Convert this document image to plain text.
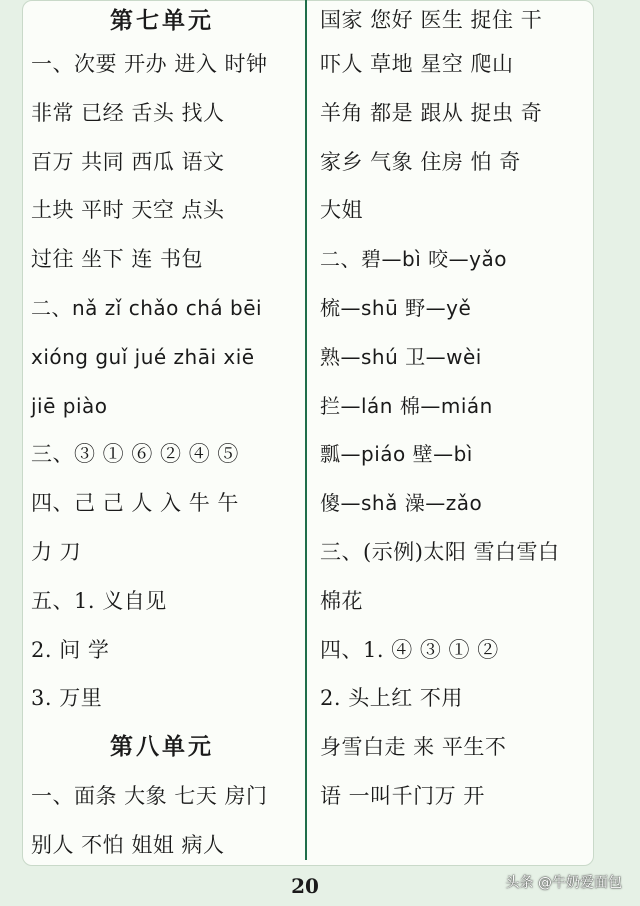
第七单元
一、次要 开办 进入 时钟
非常 已经 舌头 找人
百万 共同 西瓜 语文
土块 平时 天空 点头
过往 坐下 连 书包
二、nǎ zǐ chǎo chá bēi
xióng guǐ jué zhāi xiē
jiē piào
三、③ ① ⑥ ② ④ ⑤
四、己 己 人 入 牛 午
力 刀
五、1. 义自见
2. 问 学
3. 万里
第八单元
一、面条 大象 七天 房门
别人 不怕 姐姐 病人
国家 您好 医生 捉住 干
吓人 草地 星空 爬山
羊角 都是 跟从 捉虫 奇
家乡 气象 住房 怕 奇
大姐
二、碧—bì 咬—yǎo
梳—shū 野—yě
熟—shú 卫—wèi
拦—lán 棉—mián
瓢—piáo 壁—bì
傻—shǎ 澡—zǎo
三、(示例)太阳 雪白雪白
棉花
四、1. ④ ③ ① ②
2. 头上红 不用
身雪白走 来 平生不
语 一叫千门万 开
20	头条 @牛奶爱面包
